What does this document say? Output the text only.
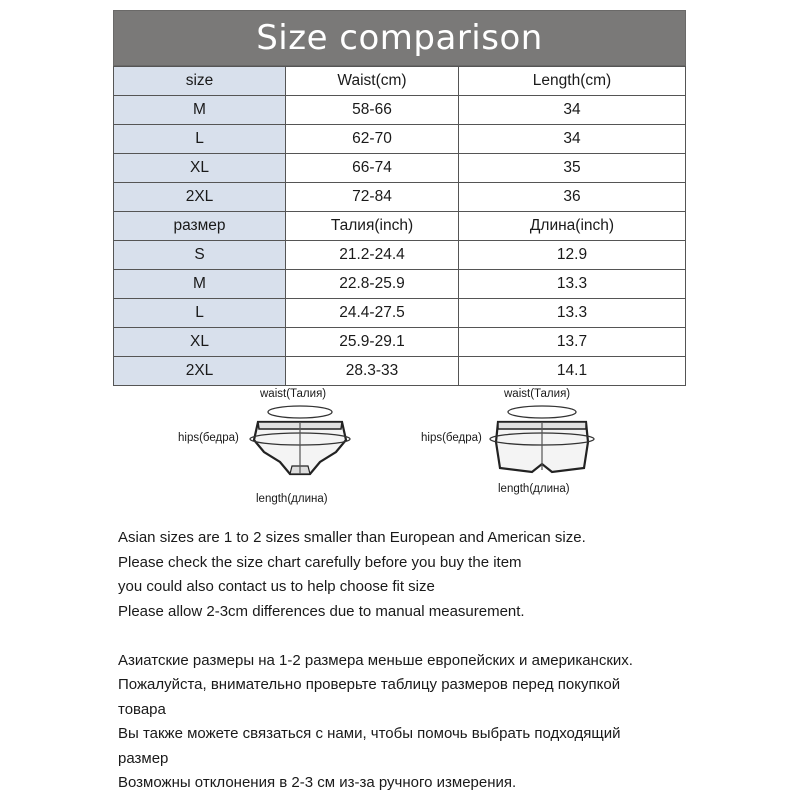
Size comparison
size	Waist(cm)	Length(cm)
M	58-66	34
L	62-70	34
XL	66-74	35
2XL	72-84	36
размер	Талия(inch)	Длина(inch)
S	21.2-24.4	12.9
M	22.8-25.9	13.3
L	24.4-27.5	13.3
XL	25.9-29.1	13.7
2XL	28.3-33	14.1
waist(Талия)
hips(бедра)
length(длина)
waist(Талия)
hips(бедра)
length(длина)

Asian sizes are 1 to 2 sizes smaller than European and American size.

Please check the size chart carefully before you buy the item

you could also contact us to help choose fit size

Please allow 2-3cm differences due to manual measurement.

Азиатские размеры на 1-2 размера меньше европейских и американских.

Пожалуйста, внимательно проверьте таблицу размеров перед покупкой

товара

Вы также можете связаться с нами, чтобы помочь выбрать подходящий

размер

Возможны отклонения в 2-3 см из-за ручного измерения.
